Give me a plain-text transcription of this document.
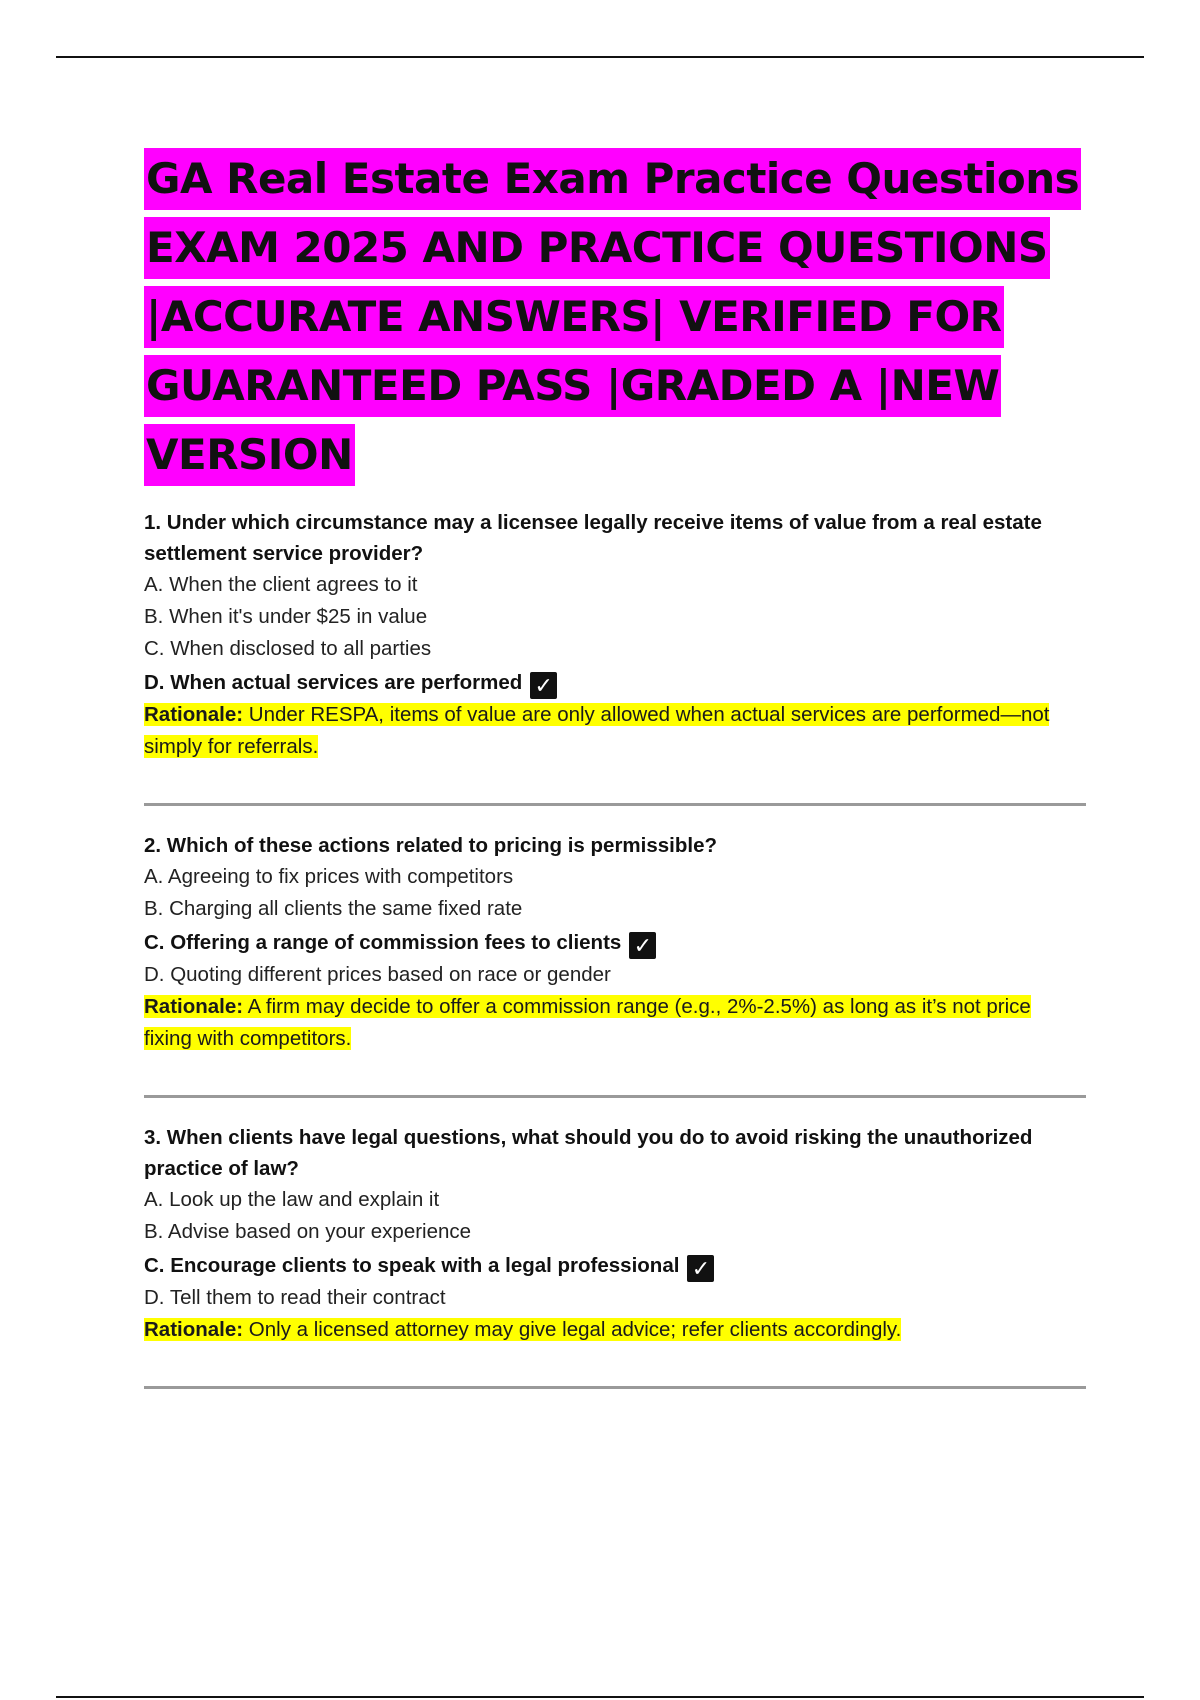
GA Real Estate Exam Practice Questions
EXAM 2025 AND PRACTICE QUESTIONS
|ACCURATE ANSWERS| VERIFIED FOR
GUARANTEED PASS |GRADED A |NEW
VERSION
1. Under which circumstance may a licensee legally receive items of value from a real estate settlement service provider?
A. When the client agrees to it
B. When it's under $25 in value
C. When disclosed to all parties
D. When actual services are performed ✓
Rationale: Under RESPA, items of value are only allowed when actual services are performed—not simply for referrals.
2. Which of these actions related to pricing is permissible?
A. Agreeing to fix prices with competitors
B. Charging all clients the same fixed rate
C. Offering a range of commission fees to clients ✓
D. Quoting different prices based on race or gender
Rationale: A firm may decide to offer a commission range (e.g., 2%-2.5%) as long as it’s not price fixing with competitors.
3. When clients have legal questions, what should you do to avoid risking the unauthorized practice of law?
A. Look up the law and explain it
B. Advise based on your experience
C. Encourage clients to speak with a legal professional ✓
D. Tell them to read their contract
Rationale: Only a licensed attorney may give legal advice; refer clients accordingly.
